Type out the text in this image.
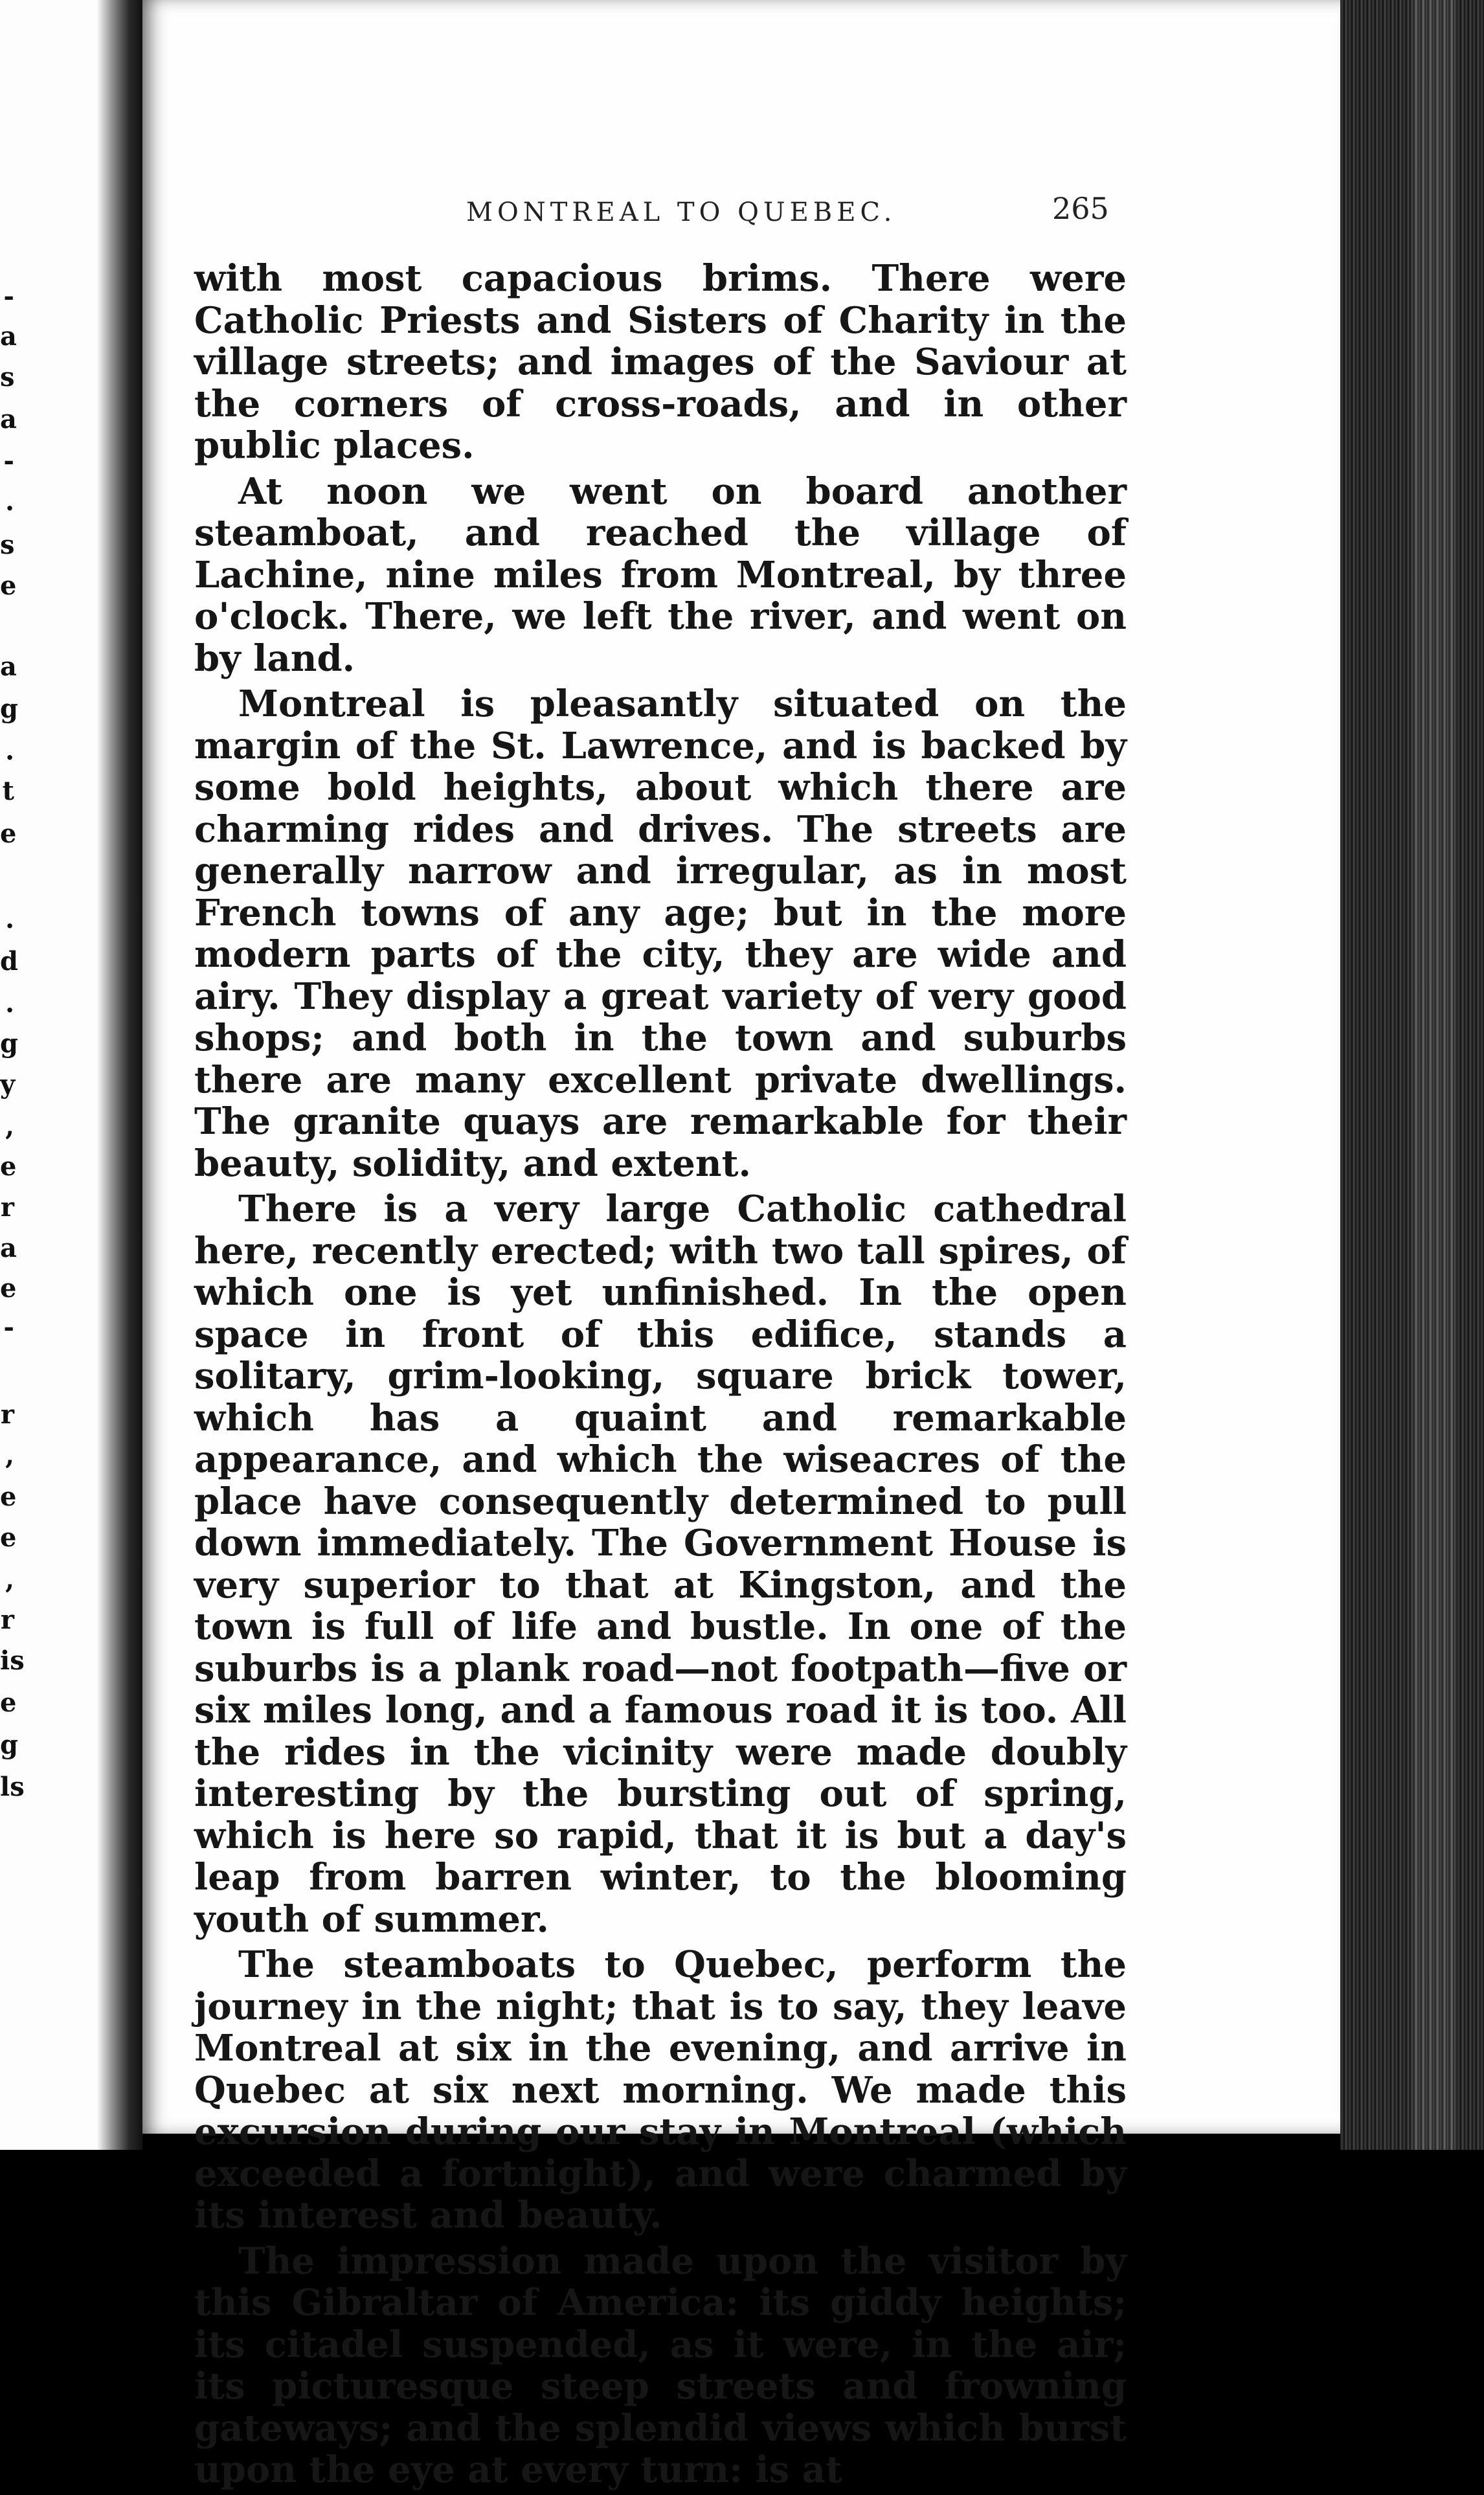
-
a
s
a
-
.
s
e
a
g
.
t
e
.
d
.
g
y
,
e
r
a
e
-
r
,
e
e
,
r
is
e
g
ls
MONTREAL TO QUEBEC.	265

with most capacious brims. There were Catholic Priests and Sisters of Charity in the village streets; and images of the Saviour at the corners of cross-roads, and in other public places.

At noon we went on board another steamboat, and reached the village of Lachine, nine miles from Montreal, by three o'clock. There, we left the river, and went on by land.

Montreal is pleasantly situated on the margin of the St. Lawrence, and is backed by some bold heights, about which there are charming rides and drives. The streets are generally narrow and irregular, as in most French towns of any age; but in the more modern parts of the city, they are wide and airy. They display a great variety of very good shops; and both in the town and suburbs there are many excellent private dwellings. The granite quays are remarkable for their beauty, solidity, and extent.

There is a very large Catholic cathedral here, recently erected; with two tall spires, of which one is yet unfinished. In the open space in front of this edifice, stands a solitary, grim-looking, square brick tower, which has a quaint and remarkable appearance, and which the wiseacres of the place have consequently determined to pull down immediately. The Government House is very superior to that at Kingston, and the town is full of life and bustle. In one of the suburbs is a plank road—not footpath—five or six miles long, and a famous road it is too. All the rides in the vicinity were made doubly interesting by the bursting out of spring, which is here so rapid, that it is but a day's leap from barren winter, to the blooming youth of summer.

The steamboats to Quebec, perform the journey in the night; that is to say, they leave Montreal at six in the evening, and arrive in Quebec at six next morning. We made this excursion during our stay in Montreal (which exceeded a fortnight), and were charmed by its interest and beauty.

The impression made upon the visitor by this Gibraltar of America: its giddy heights; its citadel suspended, as it were, in the air; its picturesque steep streets and frowning gateways; and the splendid views which burst upon the eye at every turn: is at
